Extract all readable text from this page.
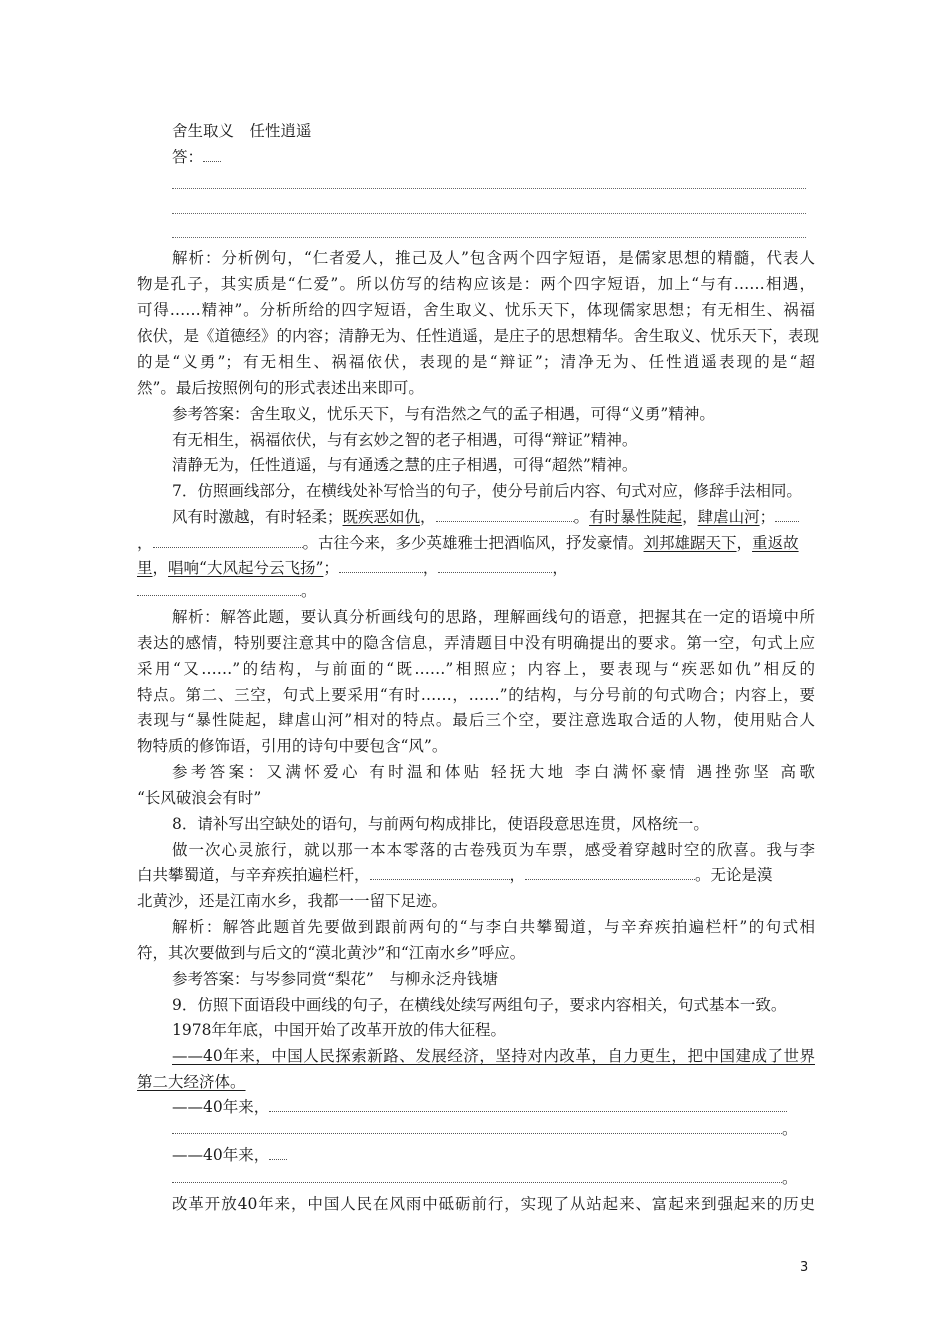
舍生取义　任性逍遥
答：
解析：分析例句，“仁者爱人，推己及人”包含两个四字短语，是儒家思想的精髓，代表人
物是孔子，其实质是“仁爱”。所以仿写的结构应该是：两个四字短语，加上“与有……相遇，
可得……精神”。分析所给的四字短语，舍生取义、忧乐天下，体现儒家思想；有无相生、祸福
依伏，是《道德经》的内容；清静无为、任性逍遥，是庄子的思想精华。舍生取义、忧乐天下，表现
的是“义勇”；有无相生、祸福依伏，表现的是“辩证”；清净无为、任性逍遥表现的是“超
然”。最后按照例句的形式表述出来即可。
参考答案：舍生取义，忧乐天下，与有浩然之气的孟子相遇，可得“义勇”精神。
有无相生，祸福依伏，与有玄妙之智的老子相遇，可得“辩证”精神。
清静无为，任性逍遥，与有通透之慧的庄子相遇，可得“超然”精神。
7．仿照画线部分，在横线处补写恰当的句子，使分号前后内容、句式对应，修辞手法相同。
风有时激越，有时轻柔；既疾恶如仇，	。有时暴性陡起，肆虐山河；
，	。古往今来，多少英雄雅士把酒临风，抒发豪情。刘邦雄踞天下，重返故
里，唱响“大风起兮云飞扬”；	，	，
。
解析：解答此题，要认真分析画线句的思路，理解画线句的语意，把握其在一定的语境中所
表达的感情，特别要注意其中的隐含信息，弄清题目中没有明确提出的要求。第一空，句式上应
采用“又……”的结构，与前面的“既……”相照应；内容上，要表现与“疾恶如仇”相反的
特点。第二、三空，句式上要采用“有时……，……”的结构，与分号前的句式吻合；内容上，要
表现与“暴性陡起，肆虐山河”相对的特点。最后三个空，要注意选取合适的人物，使用贴合人
物特质的修饰语，引用的诗句中要包含“风”。
参考答案：又满怀爱心 有时温和体贴 轻抚大地 李白满怀豪情 遇挫弥坚 高歌
“长风破浪会有时”
8．请补写出空缺处的语句，与前两句构成排比，使语段意思连贯，风格统一。
做一次心灵旅行，就以那一本本零落的古卷残页为车票，感受着穿越时空的欣喜。我与李
白共攀蜀道，与辛弃疾拍遍栏杆，	，	。无论是漠
北黄沙，还是江南水乡，我都一一留下足迹。
解析：解答此题首先要做到跟前两句的“与李白共攀蜀道，与辛弃疾拍遍栏杆”的句式相
符，其次要做到与后文的“漠北黄沙”和“江南水乡”呼应。
参考答案：与岑参同赏“梨花”　与柳永泛舟钱塘
9．仿照下面语段中画线的句子，在横线处续写两组句子，要求内容相关，句式基本一致。
1978年年底，中国开始了改革开放的伟大征程。
——40年来，中国人民探索新路、发展经济，坚持对内改革，自力更生，把中国建成了世界
第二大经济体。
——40年来，
。
——40年来，
。
改革开放40年来，中国人民在风雨中砥砺前行，实现了从站起来、富起来到强起来的历史
3
